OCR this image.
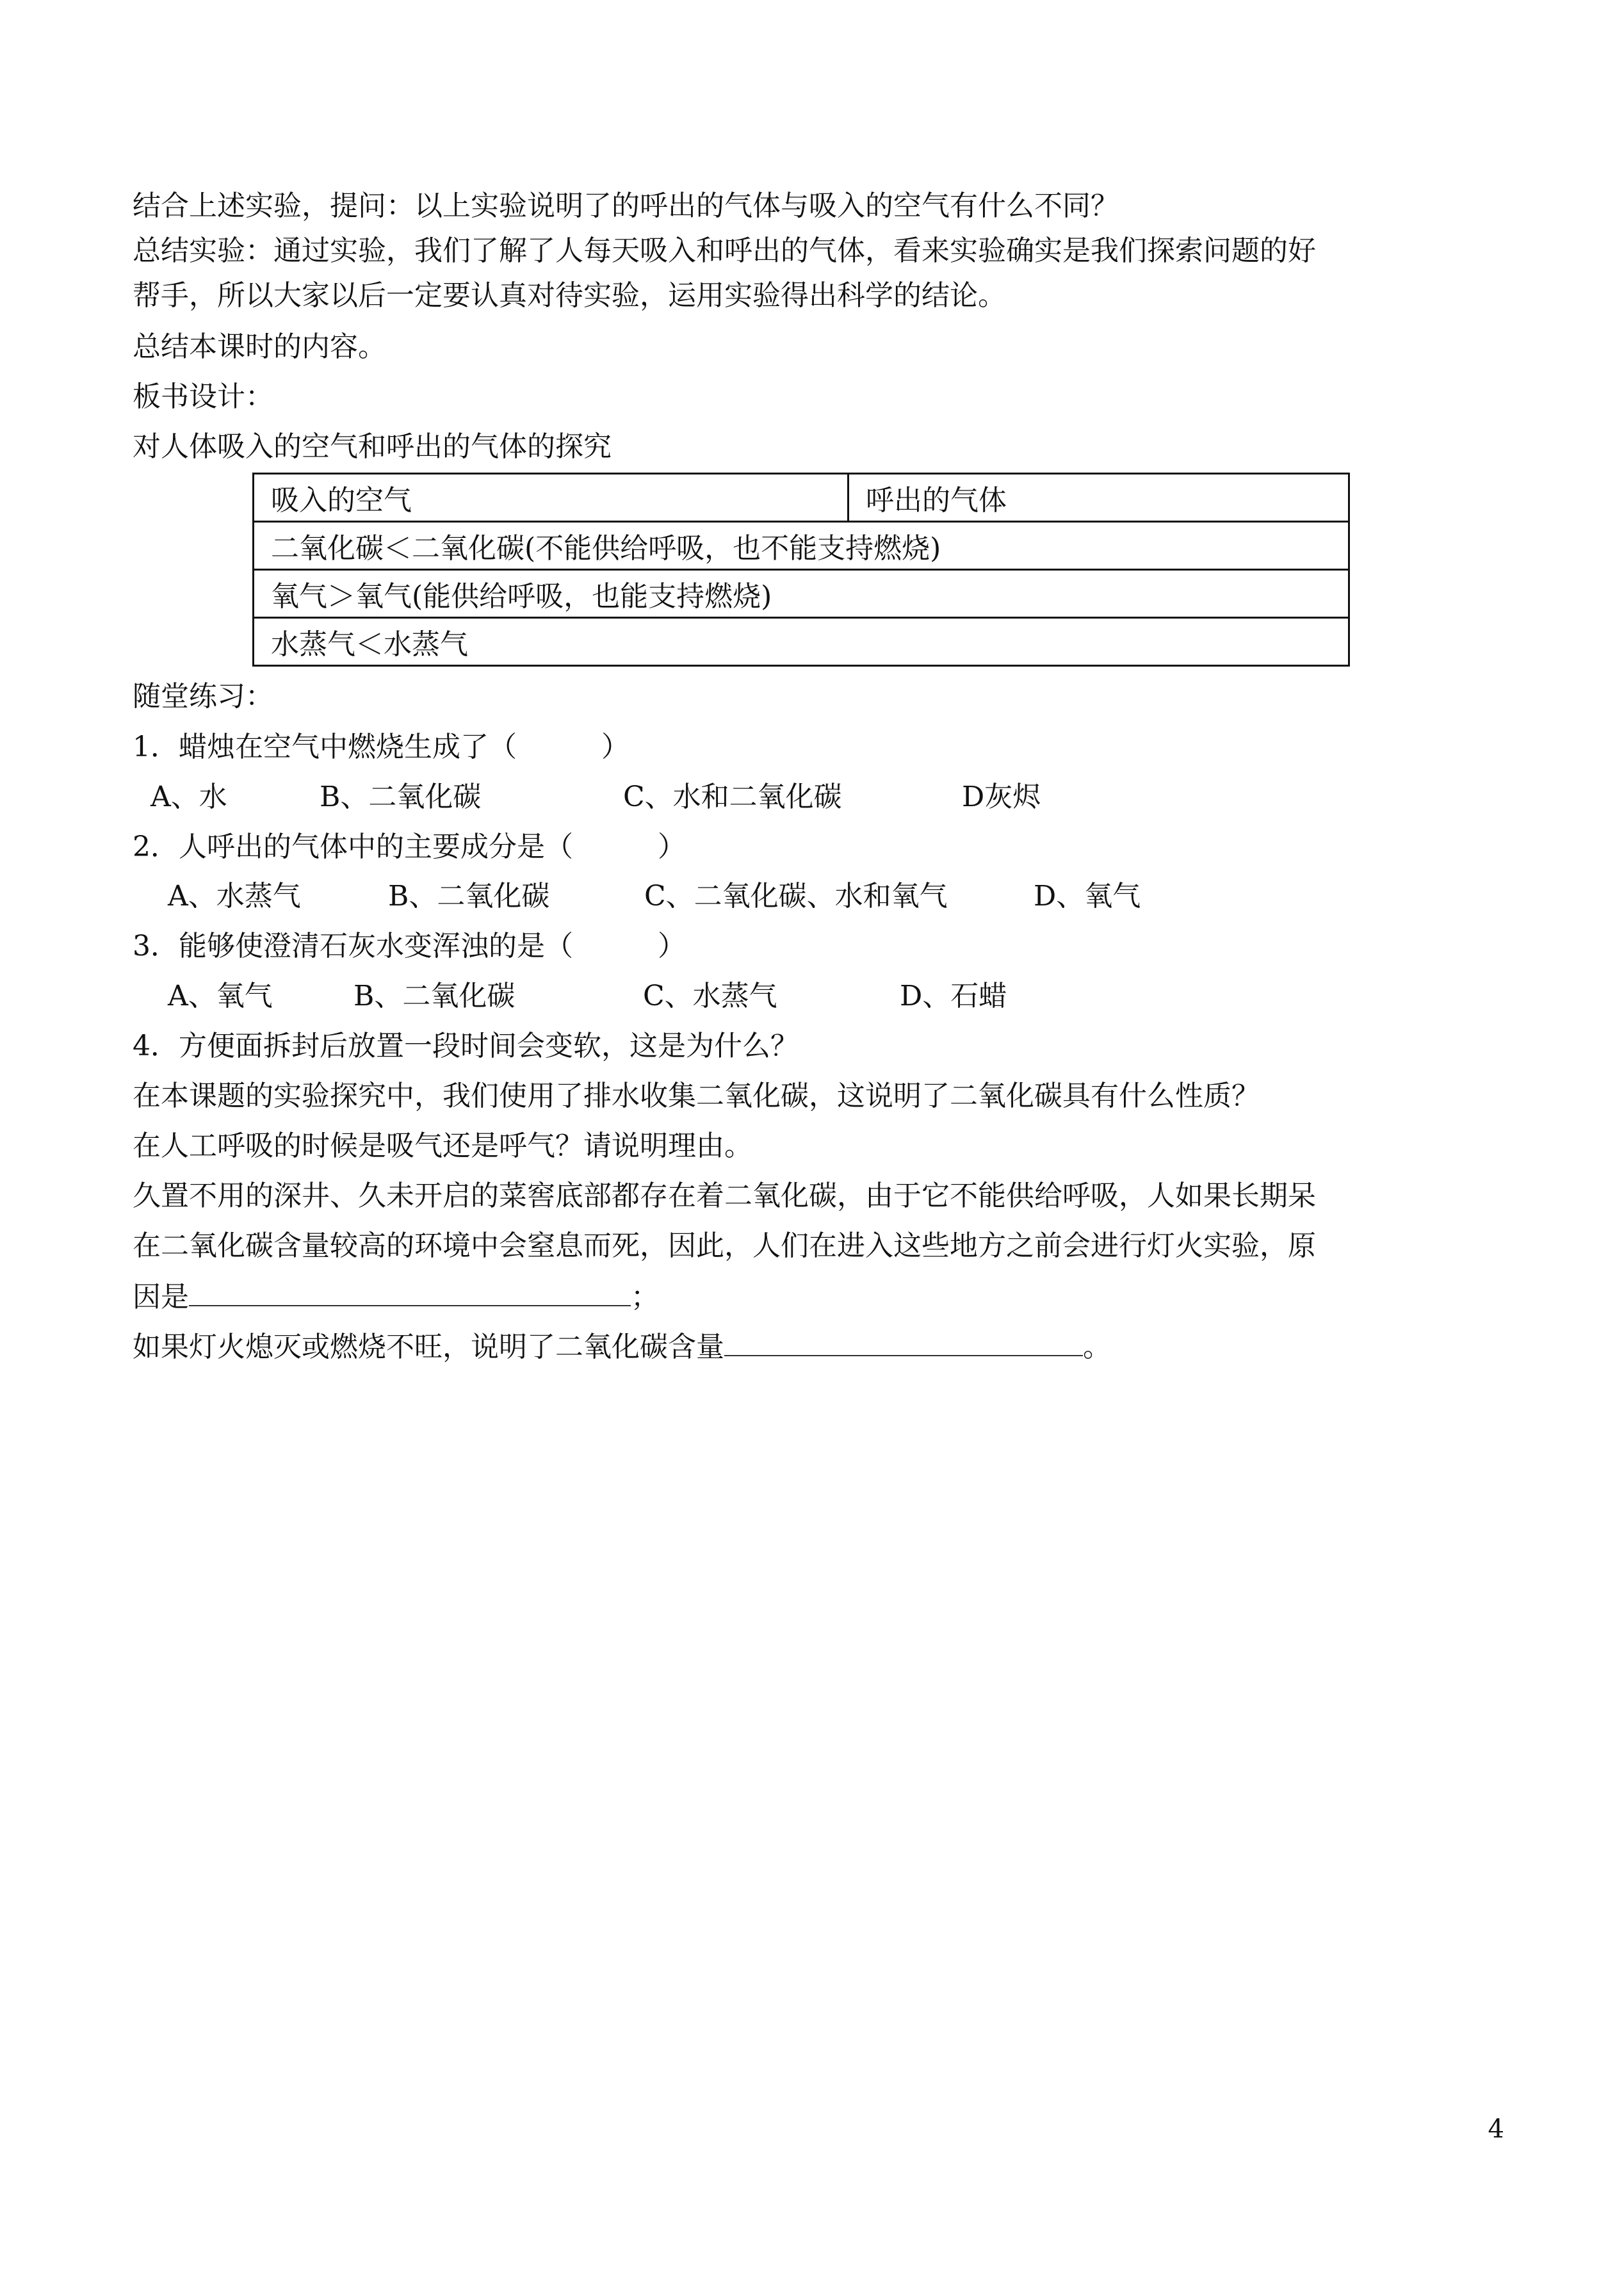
结合上述实验，提问：以上实验说明了的呼出的气体与吸入的空气有什么不同？
总结实验：通过实验，我们了解了人每天吸入和呼出的气体，看来实验确实是我们探索问题的好
帮手，所以大家以后一定要认真对待实验，运用实验得出科学的结论。
总结本课时的内容。
板书设计：
对人体吸入的空气和呼出的气体的探究
吸入的空气	呼出的气体
二氧化碳＜二氧化碳(不能供给呼吸，也不能支持燃烧)
氧气＞氧气(能供给呼吸，也能支持燃烧)
水蒸气＜水蒸气
随堂练习：
1．蜡烛在空气中燃烧生成了（　　　）
A、水	B、二氧化碳	C、水和二氧化碳	D灰烬
2．人呼出的气体中的主要成分是（　　　）
A、水蒸气	B、二氧化碳	C、二氧化碳、水和氧气	D、氧气
3．能够使澄清石灰水变浑浊的是（　　　）
A、氧气	B、二氧化碳	C、水蒸气	D、石蜡
4．方便面拆封后放置一段时间会变软，这是为什么？
在本课题的实验探究中，我们使用了排水收集二氧化碳，这说明了二氧化碳具有什么性质？
在人工呼吸的时候是吸气还是呼气？请说明理由。
久置不用的深井、久未开启的菜窖底部都存在着二氧化碳，由于它不能供给呼吸，人如果长期呆
在二氧化碳含量较高的环境中会窒息而死，因此，人们在进入这些地方之前会进行灯火实验，原
因是	；
如果灯火熄灭或燃烧不旺，说明了二氧化碳含量	。
4
